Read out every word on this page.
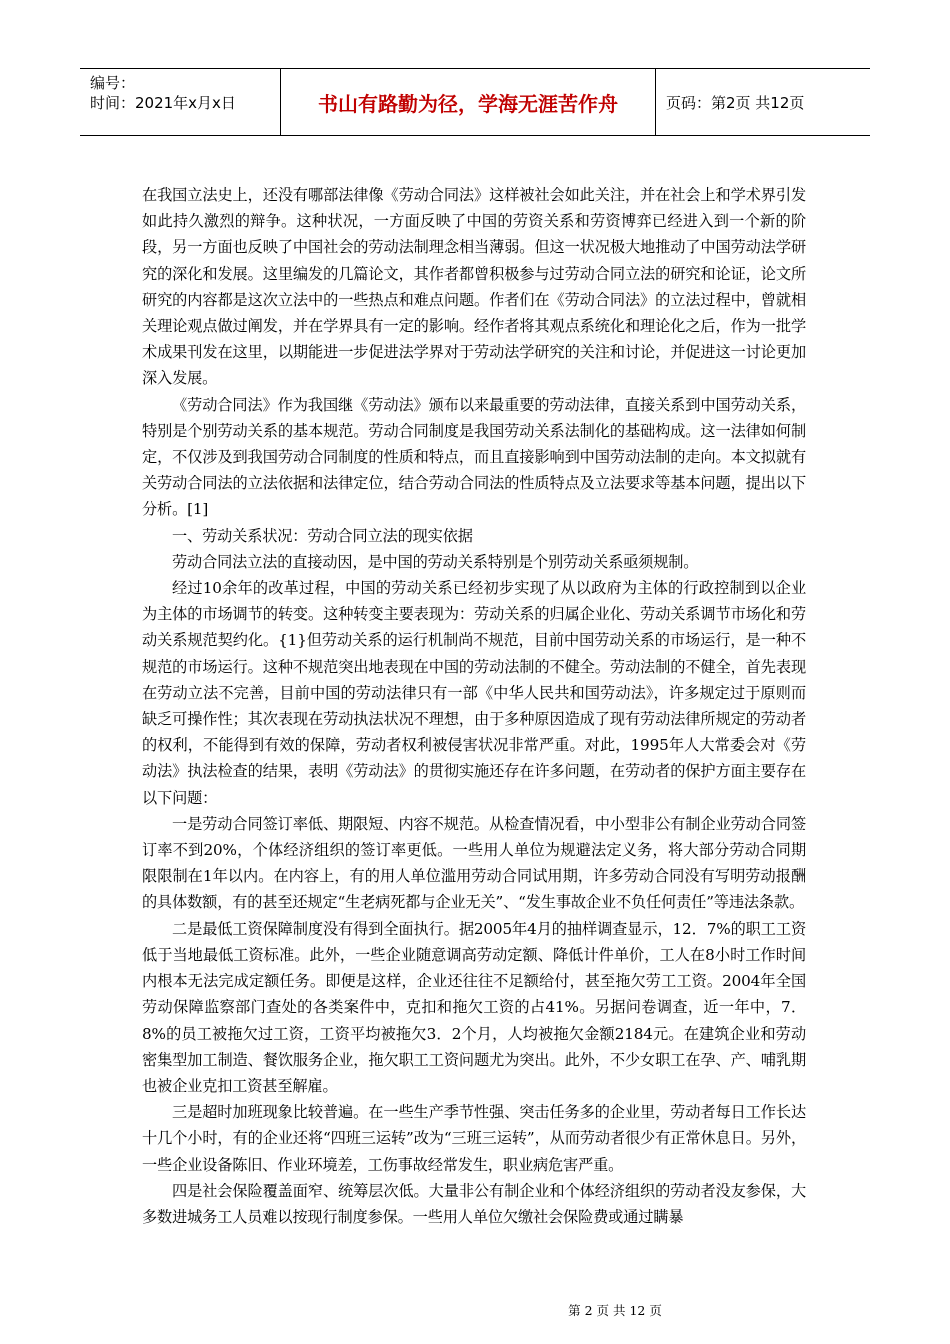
编号：
时间：2021年x月x日	书山有路勤为径，学海无涯苦作舟	页码：第2页 共12页

在我国立法史上，还没有哪部法律像《劳动合同法》这样被社会如此关注，并在社会上和学术界引发如此持久激烈的辩争。这种状况，一方面反映了中国的劳资关系和劳资博弈已经进入到一个新的阶段，另一方面也反映了中国社会的劳动法制理念相当薄弱。但这一状况极大地推动了中国劳动法学研究的深化和发展。这里编发的几篇论文，其作者都曾积极参与过劳动合同立法的研究和论证，论文所研究的内容都是这次立法中的一些热点和难点问题。作者们在《劳动合同法》的立法过程中，曾就相关理论观点做过阐发，并在学界具有一定的影响。经作者将其观点系统化和理论化之后，作为一批学术成果刊发在这里，以期能进一步促进法学界对于劳动法学研究的关注和讨论，并促进这一讨论更加深入发展。

《劳动合同法》作为我国继《劳动法》颁布以来最重要的劳动法律，直接关系到中国劳动关系，特别是个别劳动关系的基本规范。劳动合同制度是我国劳动关系法制化的基础构成。这一法律如何制定，不仅涉及到我国劳动合同制度的性质和特点，而且直接影响到中国劳动法制的走向。本文拟就有关劳动合同法的立法依据和法律定位，结合劳动合同法的性质特点及立法要求等基本问题，提出以下分析。[1]

一、劳动关系状况：劳动合同立法的现实依据

劳动合同法立法的直接动因，是中国的劳动关系特别是个别劳动关系亟须规制。

经过10余年的改革过程，中国的劳动关系已经初步实现了从以政府为主体的行政控制到以企业为主体的市场调节的转变。这种转变主要表现为：劳动关系的归属企业化、劳动关系调节市场化和劳动关系规范契约化。{1}但劳动关系的运行机制尚不规范，目前中国劳动关系的市场运行，是一种不规范的市场运行。这种不规范突出地表现在中国的劳动法制的不健全。劳动法制的不健全，首先表现在劳动立法不完善，目前中国的劳动法律只有一部《中华人民共和国劳动法》，许多规定过于原则而缺乏可操作性；其次表现在劳动执法状况不理想，由于多种原因造成了现有劳动法律所规定的劳动者的权利，不能得到有效的保障，劳动者权利被侵害状况非常严重。对此，1995年人大常委会对《劳动法》执法检查的结果，表明《劳动法》的贯彻实施还存在许多问题，在劳动者的保护方面主要存在以下问题：

一是劳动合同签订率低、期限短、内容不规范。从检查情况看，中小型非公有制企业劳动合同签订率不到20%，个体经济组织的签订率更低。一些用人单位为规避法定义务，将大部分劳动合同期限限制在1年以内。在内容上，有的用人单位滥用劳动合同试用期，许多劳动合同没有写明劳动报酬的具体数额，有的甚至还规定“生老病死都与企业无关”、“发生事故企业不负任何责任”等违法条款。

二是最低工资保障制度没有得到全面执行。据2005年4月的抽样调查显示，12．7%的职工工资低于当地最低工资标准。此外，一些企业随意调高劳动定额、降低计件单价，工人在8小时工作时间内根本无法完成定额任务。即便是这样，企业还往往不足额给付，甚至拖欠劳工工资。2004年全国劳动保障监察部门查处的各类案件中，克扣和拖欠工资的占41%。另据问卷调查，近一年中，7．8%的员工被拖欠过工资，工资平均被拖欠3．2个月，人均被拖欠金额2184元。在建筑企业和劳动密集型加工制造、餐饮服务企业，拖欠职工工资问题尤为突出。此外，不少女职工在孕、产、哺乳期也被企业克扣工资甚至解雇。

三是超时加班现象比较普遍。在一些生产季节性强、突击任务多的企业里，劳动者每日工作长达十几个小时，有的企业还将“四班三运转”改为“三班三运转”，从而劳动者很少有正常休息日。另外，一些企业设备陈旧、作业环境差，工伤事故经常发生，职业病危害严重。

四是社会保险覆盖面窄、统筹层次低。大量非公有制企业和个体经济组织的劳动者没友参保，大多数进城务工人员难以按现行制度参保。一些用人单位欠缴社会保险费或通过瞒暴

第 2 页 共 12 页
